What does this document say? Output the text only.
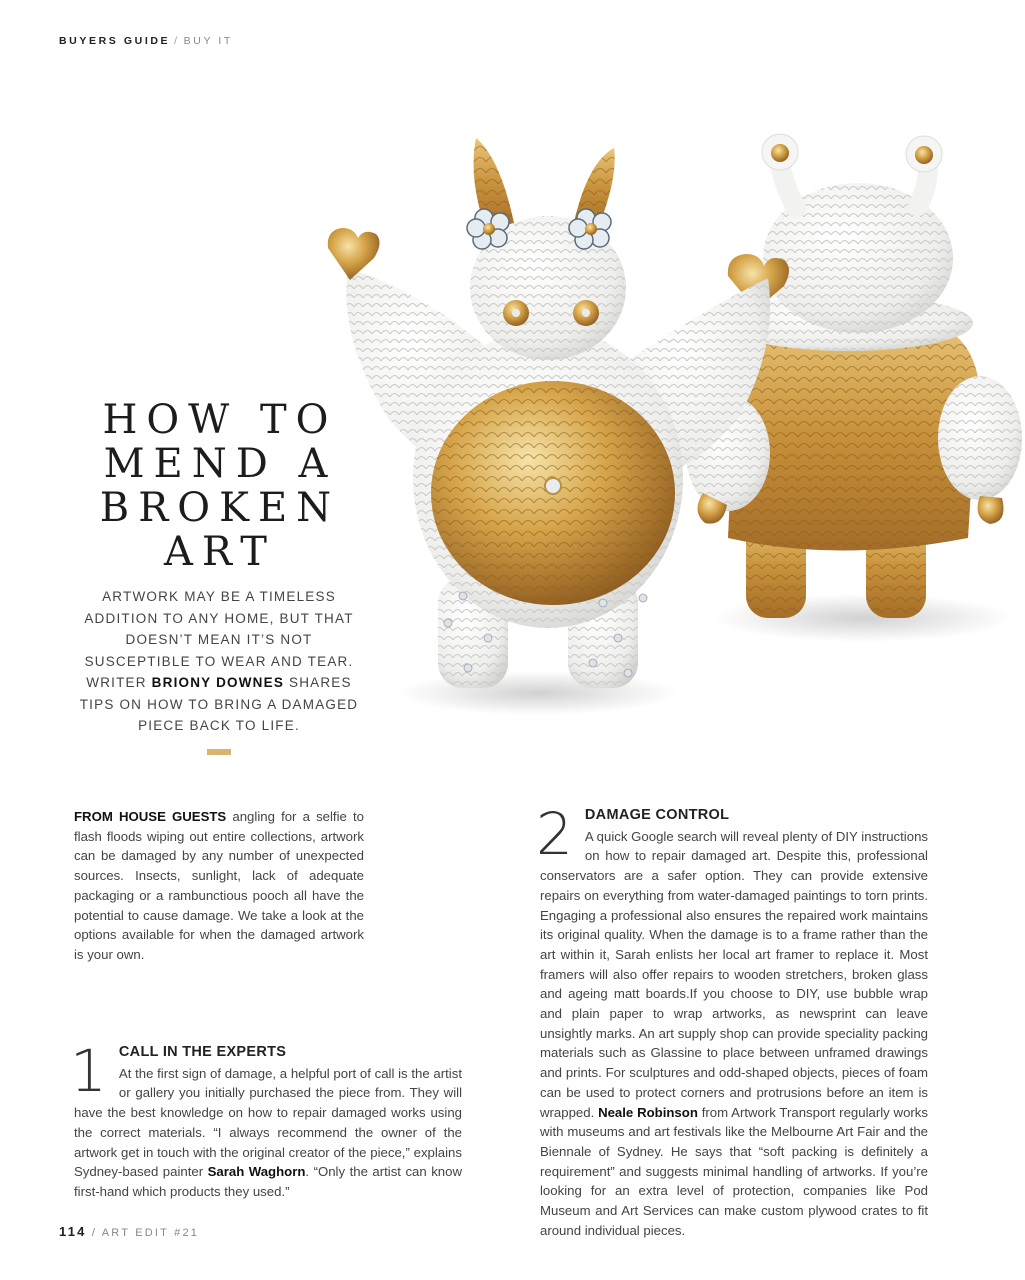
BUYERS GUIDE / BUY IT
HOW TO
MEND A
BROKEN
ART
ARTWORK MAY BE A TIMELESS ADDITION TO ANY HOME, BUT THAT DOESN’T MEAN IT’S NOT SUSCEPTIBLE TO WEAR AND TEAR. WRITER BRIONY DOWNES SHARES TIPS ON HOW TO BRING A DAMAGED PIECE BACK TO LIFE.
FROM HOUSE GUESTS angling for a selfie to flash floods wiping out entire collections, artwork can be damaged by any number of unexpected sources. Insects, sunlight, lack of adequate packaging or a rambunctious pooch all have the potential to cause damage. We take a look at the options available for when the damaged artwork is your own.
1 CALL IN THE EXPERTS
At the first sign of damage, a helpful port of call is the artist or gallery you initially purchased the piece from. They will have the best knowledge on how to repair damaged works using the correct materials. “I always recommend the owner of the artwork get in touch with the original creator of the piece,” explains Sydney-based painter Sarah Waghorn. “Only the artist can know first-hand which products they used.”
2 DAMAGE CONTROL
A quick Google search will reveal plenty of DIY instructions on how to repair damaged art. Despite this, professional conservators are a safer option. They can provide extensive repairs on everything from water-damaged paintings to torn prints. Engaging a professional also ensures the repaired work maintains its original quality. When the damage is to a frame rather than the art within it, Sarah enlists her local art framer to replace it. Most framers will also offer repairs to wooden stretchers, broken glass and ageing matt boards.If you choose to DIY, use bubble wrap and plain paper to wrap artworks, as newsprint can leave unsightly marks. An art supply shop can provide speciality packing materials such as Glassine to place between unframed drawings and prints. For sculptures and odd-shaped objects, pieces of foam can be used to protect corners and protrusions before an item is wrapped. Neale Robinson from Artwork Transport regularly works with museums and art festivals like the Melbourne Art Fair and the Biennale of Sydney. He says that “soft packing is definitely a requirement” and suggests minimal handling of artworks. If you’re looking for an extra level of protection, companies like Pod Museum and Art Services can make custom plywood crates to fit around individual pieces.
114 / ART EDIT #21
